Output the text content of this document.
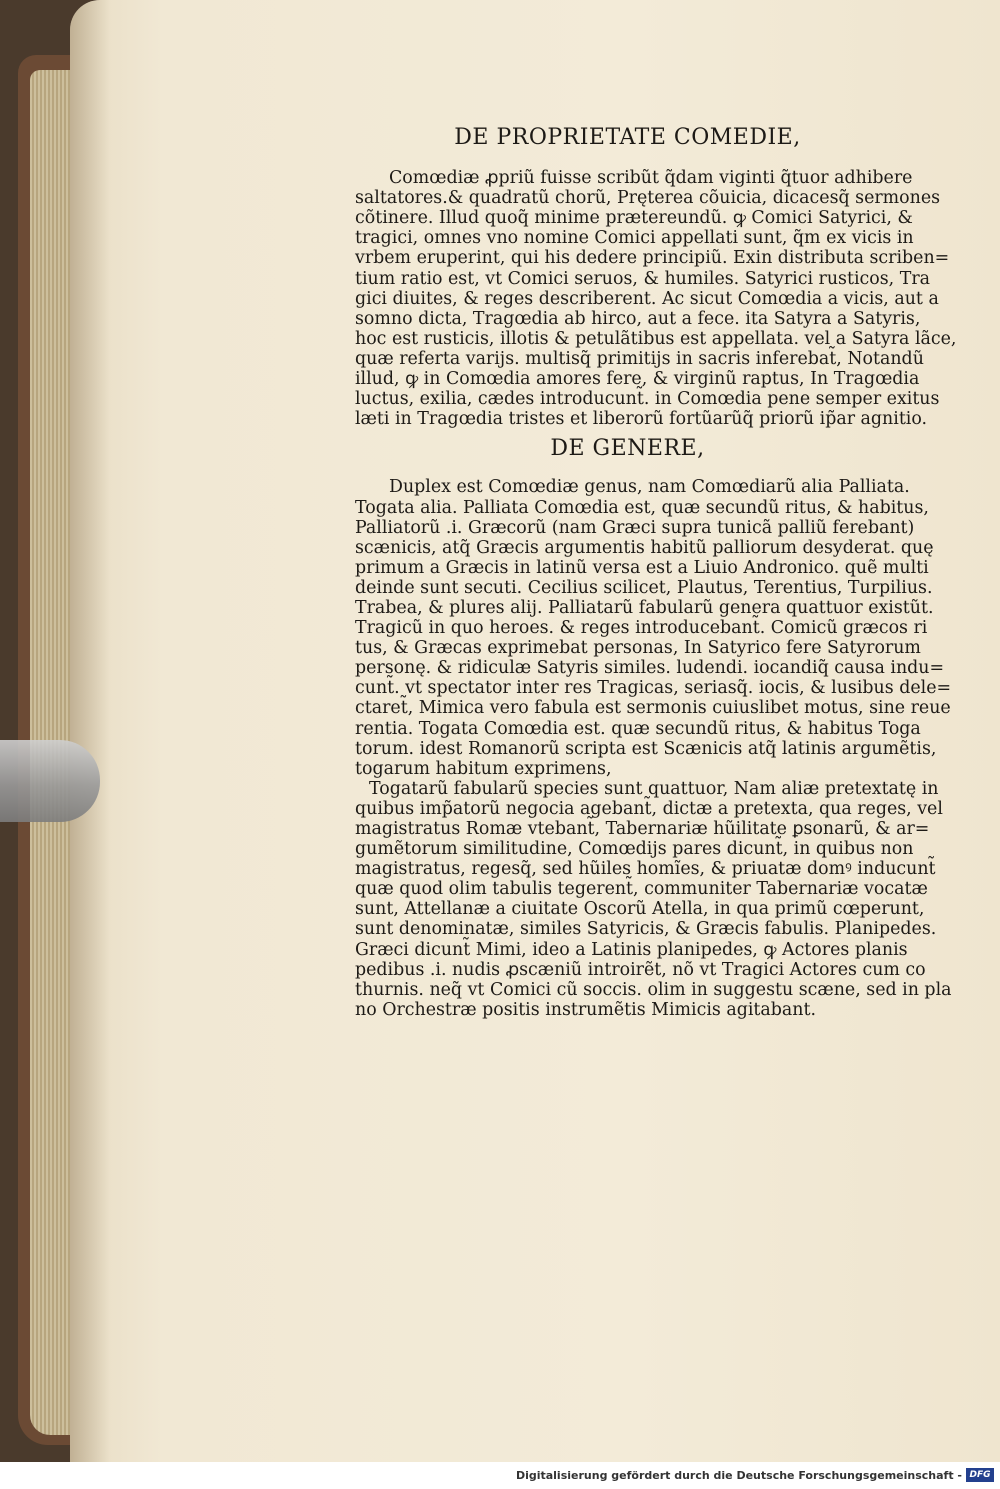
DE PROPRIETATE COMEDIE,
Comœdiæ ꝓpriũ fuisse scribũt q̃dam viginti q̃tuor adhibere
saltatores.& quadratũ chorũ, Pręterea cõuicia, dicacesq̃ sermones
cõtinere. Illud quoq̃ minime prætereundũ. ꝙ Comici Satyrici, &
tragici, omnes vno nomine Comici appellati sunt, q̃m ex vicis in
vrbem eruperint, qui his dedere principiũ. Exin distributa scriben=
tium ratio est, vt Comici seruos, & humiles. Satyrici rusticos, Tra
gici diuites, & reges describerent. Ac sicut Comœdia a vicis, aut a
somno dicta, Tragœdia ab hirco, aut a fece. ita Satyra a Satyris,
hoc est rusticis, illotis & petulãtibus est appellata. vel a Satyra lãce,
quæ referta varijs. multisq̃ primitijs in sacris inferebat̃, Notandũ
illud, ꝙ in Comœdia amores fere, & virginũ raptus, In Tragœdia
luctus, exilia, cædes introducunt̃. in Comœdia pene semper exitus
læti in Tragœdia tristes et liberorũ fortũarũq̃ priorũ ip̃ar agnitio.
DE GENERE,
Duplex est Comœdiæ genus, nam Comœdiarũ alia Palliata.
Togata alia. Palliata Comœdia est, quæ secundũ ritus, & habitus,
Palliatorũ .i. Græcorũ (nam Græci supra tunicã palliũ ferebant)
scænicis, atq̃ Græcis argumentis habitũ palliorum desyderat. quę
primum a Græcis in latinũ versa est a Liuio Andronico. quẽ multi
deinde sunt secuti. Cecilius scilicet, Plautus, Terentius, Turpilius.
Trabea, & plures alij. Palliatarũ fabularũ genera quattuor existũt.
Tragicũ in quo heroes. & reges introducebant̃. Comicũ græcos ri
tus, & Græcas exprimebat personas, In Satyrico fere Satyrorum
personę. & ridiculæ Satyris similes. ludendi. iocandiq̃ causa indu=
cunt̃. vt spectator inter res Tragicas, seriasq̃. iocis, & lusibus dele=
ctaret̃, Mimica vero fabula est sermonis cuiuslibet motus, sine reue
rentia. Togata Comœdia est. quæ secundũ ritus, & habitus Toga
torum. idest Romanorũ scripta est Scænicis atq̃ latinis argumẽtis,
togarum habitum exprimens,
Togatarũ fabularũ species sunt quattuor, Nam aliæ pretextatę in
quibus imp̃atorũ negocia agebant̃, dictæ a pretexta, qua reges, vel
magistratus Romæ vtebant̃, Tabernariæ hũilitate ꝑsonarũ, & ar=
gumẽtorum similitudine, Comœdijs pares dicunt̃, in quibus non
magistratus, regesq̃, sed hũiles homĩes, & priuatæ domꝰ inducunt̃
quæ quod olim tabulis tegerent̃, communiter Tabernariæ vocatæ
sunt, Attellanæ a ciuitate Oscorũ Atella, in qua primũ cœperunt,
sunt denominatæ, similes Satyricis, & Græcis fabulis. Planipedes.
Græci dicunt̃ Mimi, ideo a Latinis planipedes, ꝙ Actores planis
pedibus .i. nudis ꝓscæniũ introirẽt, nõ vt Tragici Actores cum co
thurnis. neq̃ vt Comici cũ soccis. olim in suggestu scæne, sed in pla
no Orchestræ positis instrumẽtis Mimicis agitabant.
Digitalisierung gefördert durch die Deutsche Forschungsgemeinschaft - DFG
